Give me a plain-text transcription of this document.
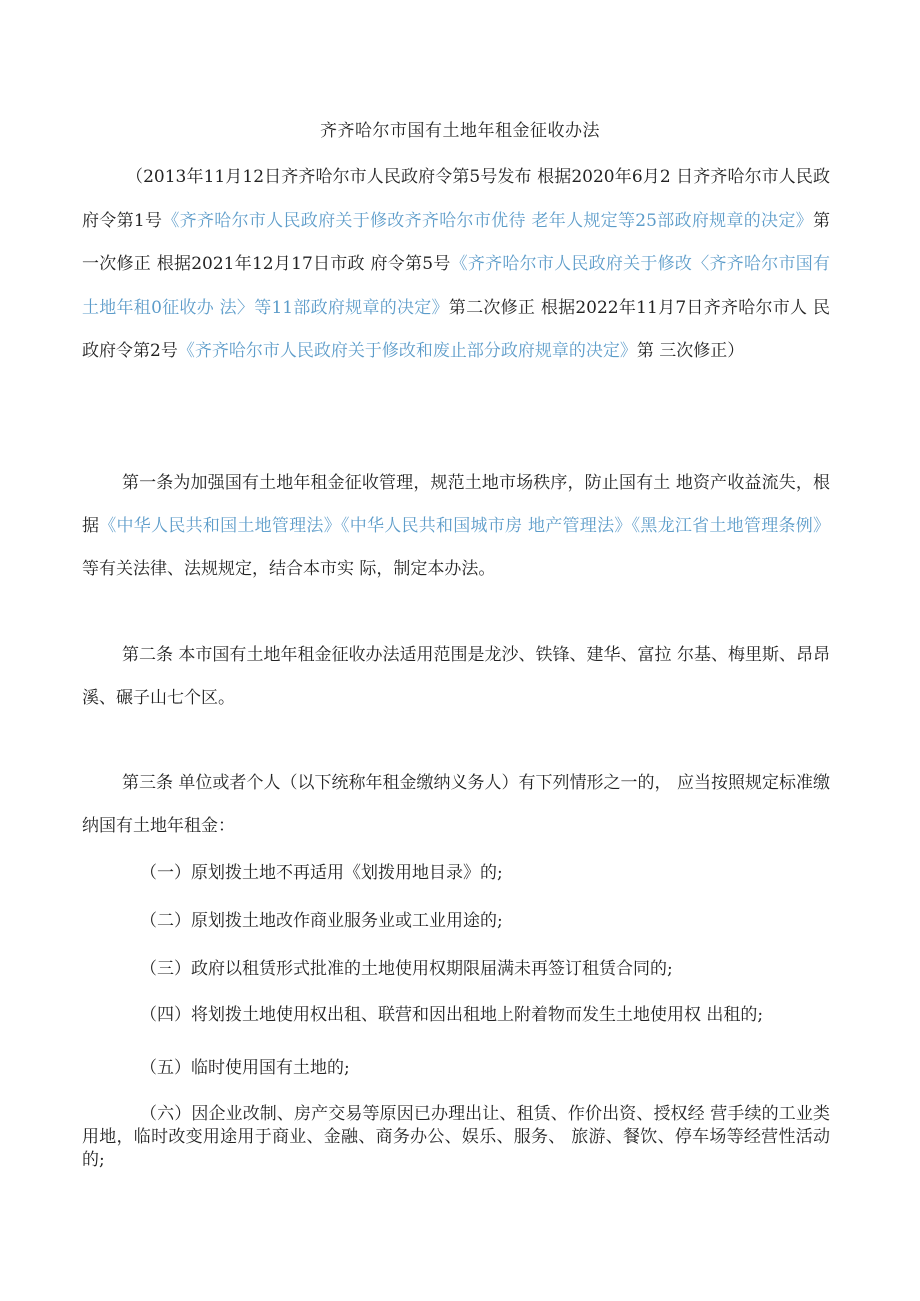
齐齐哈尔市国有土地年租金征收办法
（2013年11月12日齐齐哈尔市人民政府令第5号发布 根据2020年6月2 日齐齐哈尔市人民政府令第1号《齐齐哈尔市人民政府关于修改齐齐哈尔市优待 老年人规定等25部政府规章的决定》第一次修正 根据2021年12月17日市政 府令第5号《齐齐哈尔市人民政府关于修改〈齐齐哈尔市国有土地年租0征收办 法〉等11部政府规章的决定》第二次修正 根据2022年11月7日齐齐哈尔市人 民政府令第2号《齐齐哈尔市人民政府关于修改和废止部分政府规章的决定》第 三次修正）
第一条为加强国有土地年租金征收管理，规范土地市场秩序，防止国有土 地资产收益流失，根据《中华人民共和国土地管理法》《中华人民共和国城市房 地产管理法》《黑龙江省土地管理条例》等有关法律、法规规定，结合本市实 际，制定本办法。
第二条 本市国有土地年租金征收办法适用范围是龙沙、铁锋、建华、富拉 尔基、梅里斯、昂昂溪、碾子山七个区。
第三条 单位或者个人（以下统称年租金缴纳义务人）有下列情形之一的， 应当按照规定标准缴纳国有土地年租金：
（一）原划拨土地不再适用《划拨用地目录》的;
（二）原划拨土地改作商业服务业或工业用途的;
（三）政府以租赁形式批准的土地使用权期限届满未再签订租赁合同的;
（四）将划拨土地使用权出租、联营和因出租地上附着物而发生土地使用权 出租的;
（五）临时使用国有土地的;
（六）因企业改制、房产交易等原因已办理出让、租赁、作价出资、授权经 营手续的工业类用地，临时改变用途用于商业、金融、商务办公、娱乐、服务、 旅游、餐饮、停车场等经营性活动的;
